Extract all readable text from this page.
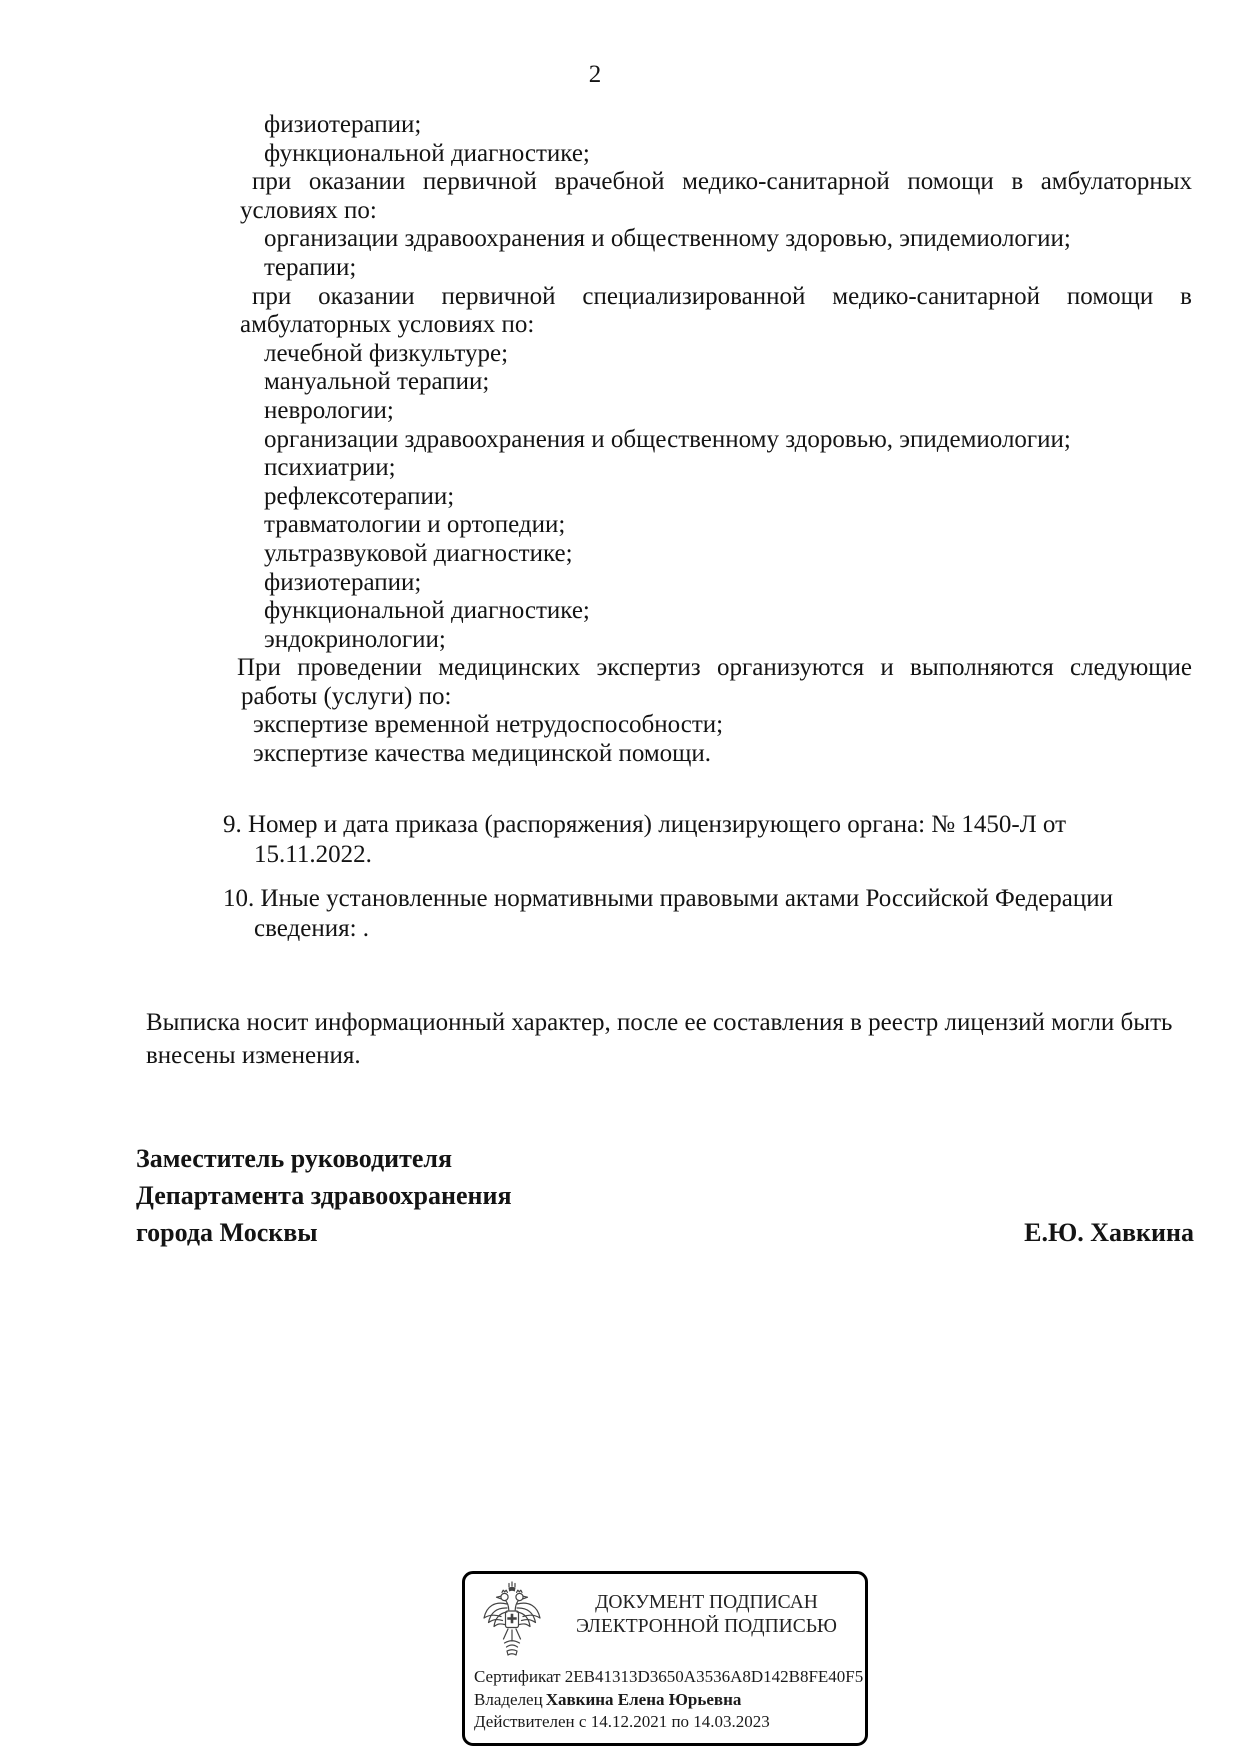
2
физиотерапии;
функциональной диагностике;
при оказании первичной врачебной медико-санитарной помощи в амбулаторных
условиях по:
организации здравоохранения и общественному здоровью, эпидемиологии;
терапии;
при оказании первичной специализированной медико-санитарной помощи в
амбулаторных условиях по:
лечебной физкультуре;
мануальной терапии;
неврологии;
организации здравоохранения и общественному здоровью, эпидемиологии;
психиатрии;
рефлексотерапии;
травматологии и ортопедии;
ультразвуковой диагностике;
физиотерапии;
функциональной диагностике;
эндокринологии;
При проведении медицинских экспертиз организуются и выполняются следующие
работы (услуги) по:
экспертизе временной нетрудоспособности;
экспертизе качества медицинской помощи.
9. Номер и дата приказа (распоряжения) лицензирующего органа: № 1450-Л от
15.11.2022.
10. Иные установленные нормативными правовыми актами Российской Федерации
сведения: .
Выписка носит информационный характер, после ее составления в реестр лицензий могли быть
внесены изменения.
Заместитель руководителя
Департамента здравоохранения
города Москвы	Е.Ю. Хавкина
ДОКУМЕНТ ПОДПИСАН
ЭЛЕКТРОННОЙ ПОДПИСЬЮ
Сертификат 2EB41313D3650A3536A8D142B8FE40F5
Владелец Хавкина Елена Юрьевна
Действителен с 14.12.2021 по 14.03.2023
